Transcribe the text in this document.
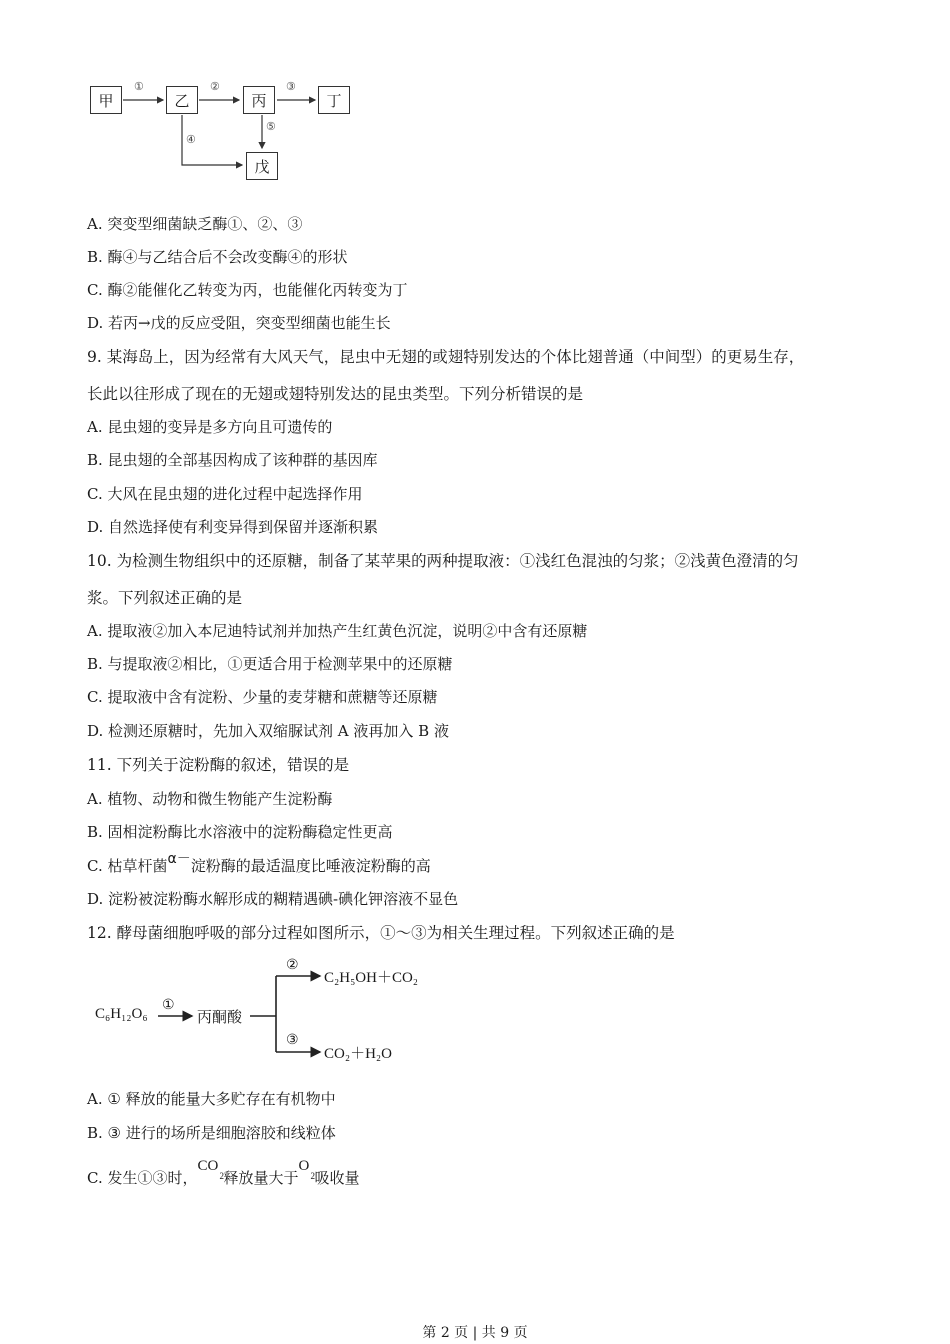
甲	乙	丙	丁
戊
①	②	③
④
⑤
A. 突变型细菌缺乏酶①、②、③
B. 酶④与乙结合后不会改变酶④的形状
C. 酶②能催化乙转变为丙，也能催化丙转变为丁
D. 若丙→戊的反应受阻，突变型细菌也能生长
9. 某海岛上，因为经常有大风天气，昆虫中无翅的或翅特别发达的个体比翅普通（中间型）的更易生存，
长此以往形成了现在的无翅或翅特别发达的昆虫类型。下列分析错误的是
A. 昆虫翅的变异是多方向且可遗传的
B. 昆虫翅的全部基因构成了该种群的基因库
C. 大风在昆虫翅的进化过程中起选择作用
D. 自然选择使有利变异得到保留并逐渐积累
10. 为检测生物组织中的还原糖，制备了某苹果的两种提取液：①浅红色混浊的匀浆；②浅黄色澄清的匀
浆。下列叙述正确的是
A. 提取液②加入本尼迪特试剂并加热产生红黄色沉淀，说明②中含有还原糖
B. 与提取液②相比，①更适合用于检测苹果中的还原糖
C. 提取液中含有淀粉、少量的麦芽糖和蔗糖等还原糖
D. 检测还原糖时，先加入双缩脲试剂 A 液再加入 B 液
11. 下列关于淀粉酶的叙述，错误的是
A. 植物、动物和微生物能产生淀粉酶
B. 固相淀粉酶比水溶液中的淀粉酶稳定性更高
C. 枯草杆菌α－淀粉酶的最适温度比唾液淀粉酶的高
D. 淀粉被淀粉酶水解形成的糊精遇碘-碘化钾溶液不显色
12. 酵母菌细胞呼吸的部分过程如图所示，①～③为相关生理过程。下列叙述正确的是
C₆H₁₂O₆
①
丙酮酸
②
C₂H₅OH＋CO₂
③
CO₂＋H₂O
A. ① 释放的能量大多贮存在有机物中
B. ③ 进行的场所是细胞溶胶和线粒体
C. 发生①③时，
CO
2 释放量大于
O
2 吸收量
第 2 页 | 共 9 页
